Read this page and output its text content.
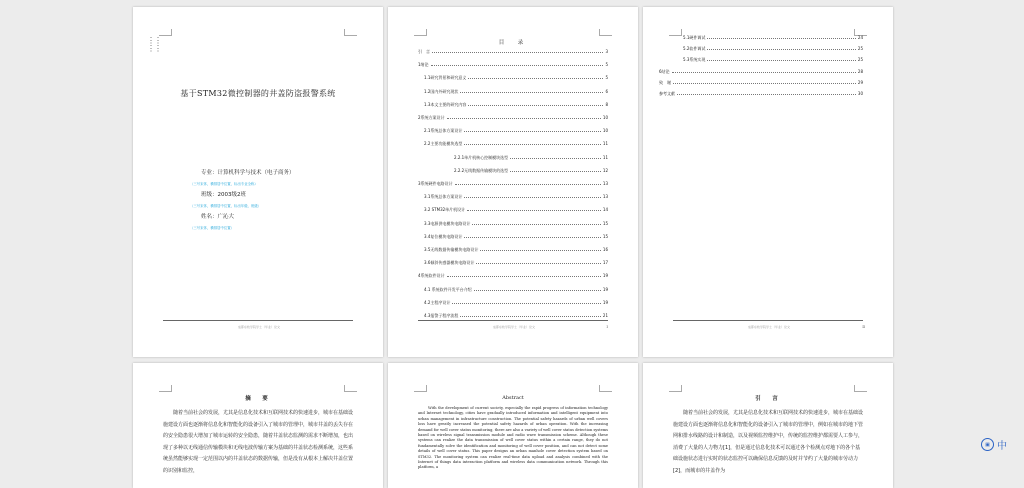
⋮⋮
⋮⋮
基于STM32微控制器的井盖防盗报警系统
专业：计算机科学与技术（电子商务）
（三号宋体，横排居中位置，标出专业全称）
班级：2003级2班
（三号宋体，横排居中位置，标出年级、班级）
姓名：广沁大
（三号宋体，横排居中位置）
成都东软学院学士（毕业）论文
目　录
引　言	3
1绪论	5
1.1研究背景和研究意义	5
1.2国内外研究现状	6
1.3本文主要的研究内容	8
2系统方案设计	10
2.1系统总体方案设计	10
2.2主要功能模块选型	11
2.2.1单片机核心控制模块选型	11
2.2.2无线数据传输模块的选型	12
3系统硬件电路设计	13
3.1系统总体方案设计	13
3.2 STM32单片机设计	14
3.3电源供电模块电路设计	15
3.4复位模块电路设计	15
3.5无线数据传输模块电路设计	16
3.6倾斜传感器模块电路设计	17
4系统软件设计	19
4.1 系统软件开发平台介绍	19
4.2主程序设计	19
4.3报警子程序流程	21
成都东软学院学士（毕业）论文	Ⅰ
5.1硬件调试	24
5.2软件调试	25
5.3系统实现	25
6结论	28
致　谢	29
参考文献	30
成都东软学院学士（毕业）论文	Ⅱ
摘　要
随着当前社会的发展，尤其是信息化技术和互联网技术的快速进步，城市在基础设施建设方面也逐渐将信息化和智能化的设备引入了城市的管理中，城市井盖的丢失存在的安全隐患很大增加了城市运转的安全隐患，随着井盖状态监测的需求不断增加，也出现了多种以无线通信传输模块和无线电波传输方案为基础的井盖状态检测系统，这些系统虽然能够实现一定范围以内的井盖状态的数据传输，但是没有从根本上解决井盖位置的识别和监控，
Abstract
With the development of current society, especially the rapid progress of information technology and Internet technology, cities have gradually introduced information and intelligent equipment into urban management in infrastructure construction. The potential safety hazards of urban well covers loss have greatly increased the potential safety hazards of urban operation. With the increasing demand for well cover status monitoring, there are also a variety of well cover status detection systems based on wireless signal transmission module and radio wave transmission scheme. Although these systems can realize the data transmission of well cover status within a certain range, they do not fundamentally solve the identification and monitoring of well cover position, and can not detect some details of well cover status. This paper designs an urban manhole cover detection system based on STM32. The monitoring system can realize real-time data upload and analysis combined with the Internet of things data interaction platform and wireless data communication network. Through this platform, a
引　言
随着当前社会的发展，尤其是信息化技术和互联网技术的快速进步，城市在基础设施建设方面也逐渐将信息化和智能化的设备引入了城市的管理中，例如在城市的地下管网和排水线路的设计和制造，以及视频监控维护中，传统的监控维护都需要人工参与，消费了大量的人力物力[1]，但是通过信息化技术可以通过各个检测点对地下的各个基础设施状态进行实时的状态监控可以确保信息反馈的及时并节约了大量的城市劳动力[2]，而城市的井盖作为
▣ 中
